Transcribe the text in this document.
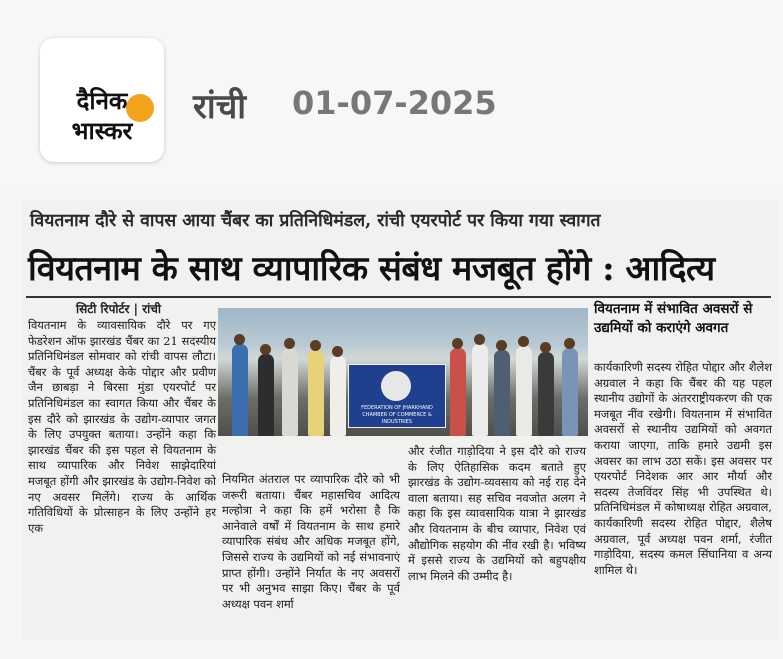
दैनिक
भास्कर
रांची 01-07-2025
वियतनाम दौरे से वापस आया चैंबर का प्रतिनिधिमंडल, रांची एयरपोर्ट पर किया गया स्वागत
वियतनाम के साथ व्यापारिक संबंध मजबूत होंगे : आदित्य
सिटी रिपोर्टर | रांची
वियतनाम के व्यावसायिक दौरे पर गए फेडरेशन ऑफ झारखंड चैंबर का 21 सदस्यीय प्रतिनिधिमंडल सोमवार को रांची वापस लौटा। चैंबर के पूर्व अध्यक्ष केके पोद्दार और प्रवीण जैन छाबड़ा ने बिरसा मुंडा एयरपोर्ट पर प्रतिनिधिमंडल का स्वागत किया और चैंबर के इस दौरे को झारखंड के उद्योग-व्यापार जगत के लिए उपयुक्त बताया। उन्होंने कहा कि झारखंड चैंबर की इस पहल से वियतनाम के साथ व्यापारिक और निवेश साझेदारियां मजबूत होंगी और झारखंड के उद्योग-निवेश को नए अवसर मिलेंगे। राज्य के आर्थिक गतिविधियों के प्रोत्साहन के लिए उन्होंने हर एक
FEDERATION OF JHARKHAND CHAMBER OF COMMERCE & INDUSTRIES
नियमित अंतराल पर व्यापारिक दौरे को भी जरूरी बताया। चैंबर महासचिव आदित्य मल्होत्रा ने कहा कि हमें भरोसा है कि आनेवाले वर्षों में वियतनाम के साथ हमारे व्यापारिक संबंध और अधिक मजबूत होंगे, जिससे राज्य के उद्यमियों को नई संभावनाएं प्राप्त होंगी। उन्होंने निर्यात के नए अवसरों पर भी अनुभव साझा किए। चैंबर के पूर्व अध्यक्ष पवन शर्मा
और रंजीत गाड़ोदिया ने इस दौरे को राज्य के लिए ऐतिहासिक कदम बताते हुए झारखंड के उद्योग-व्यवसाय को नई राह देने वाला बताया। सह सचिव नवजोत अलग ने कहा कि इस व्यावसायिक यात्रा ने झारखंड और वियतनाम के बीच व्यापार, निवेश एवं औद्योगिक सहयोग की नींव रखी है। भविष्य में इससे राज्य के उद्यमियों को बहुपक्षीय लाभ मिलने की उम्मीद है।
वियतनाम में संभावित अवसरों से उद्यमियों को कराएंगे अवगत
कार्यकारिणी सदस्य रोहित पोद्दार और शैलेश अग्रवाल ने कहा कि चैंबर की यह पहल स्थानीय उद्योगों के अंतरराष्ट्रीयकरण की एक मजबूत नींव रखेगी। वियतनाम में संभावित अवसरों से स्थानीय उद्यमियों को अवगत कराया जाएगा, ताकि हमारे उद्यमी इस अवसर का लाभ उठा सकें। इस अवसर पर एयरपोर्ट निदेशक आर आर मौर्या और सदस्य तेजविंदर सिंह भी उपस्थित थे। प्रतिनिधिमंडल में कोषाध्यक्ष रोहित अग्रवाल, कार्यकारिणी सदस्य रोहित पोद्दार, शैलेष अग्रवाल, पूर्व अध्यक्ष पवन शर्मा, रंजीत गाड़ोदिया, सदस्य कमल सिंघानिया व अन्य शामिल थे।
